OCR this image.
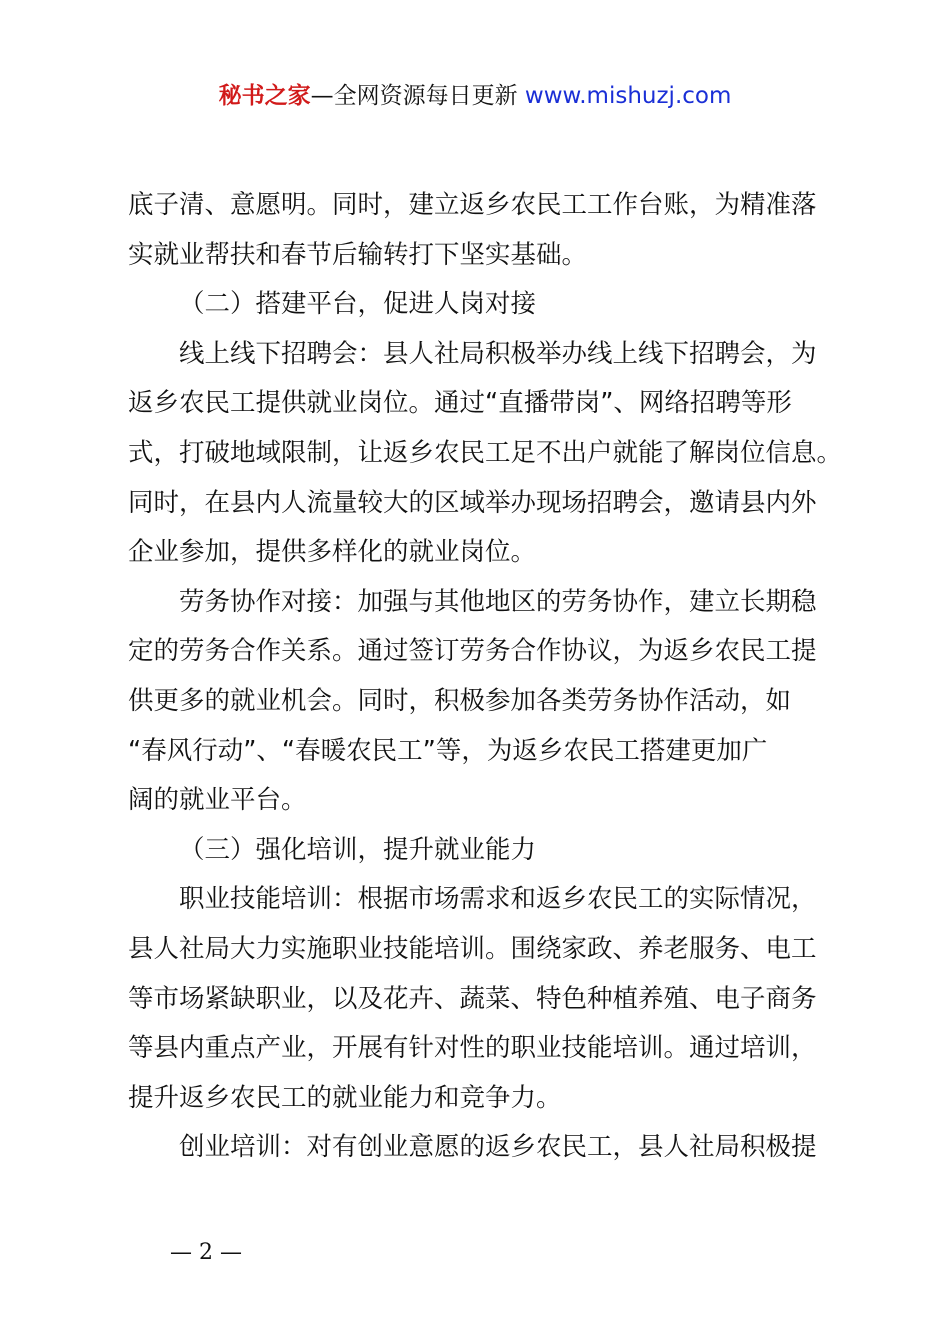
秘书之家—全网资源每日更新 www.mishuzj.com
底子清、意愿明。同时，建立返乡农民工工作台账，为精准落
实就业帮扶和春节后输转打下坚实基础。
（二）搭建平台，促进人岗对接
线上线下招聘会：县人社局积极举办线上线下招聘会，为
返乡农民工提供就业岗位。通过“直播带岗”、网络招聘等形
式，打破地域限制，让返乡农民工足不出户就能了解岗位信息。
同时，在县内人流量较大的区域举办现场招聘会，邀请县内外
企业参加，提供多样化的就业岗位。
劳务协作对接：加强与其他地区的劳务协作，建立长期稳
定的劳务合作关系。通过签订劳务合作协议，为返乡农民工提
供更多的就业机会。同时，积极参加各类劳务协作活动，如
“春风行动”、“春暖农民工”等，为返乡农民工搭建更加广
阔的就业平台。
（三）强化培训，提升就业能力
职业技能培训：根据市场需求和返乡农民工的实际情况，
县人社局大力实施职业技能培训。围绕家政、养老服务、电工
等市场紧缺职业，以及花卉、蔬菜、特色种植养殖、电子商务
等县内重点产业，开展有针对性的职业技能培训。通过培训，
提升返乡农民工的就业能力和竞争力。
创业培训：对有创业意愿的返乡农民工，县人社局积极提
— 2 —
